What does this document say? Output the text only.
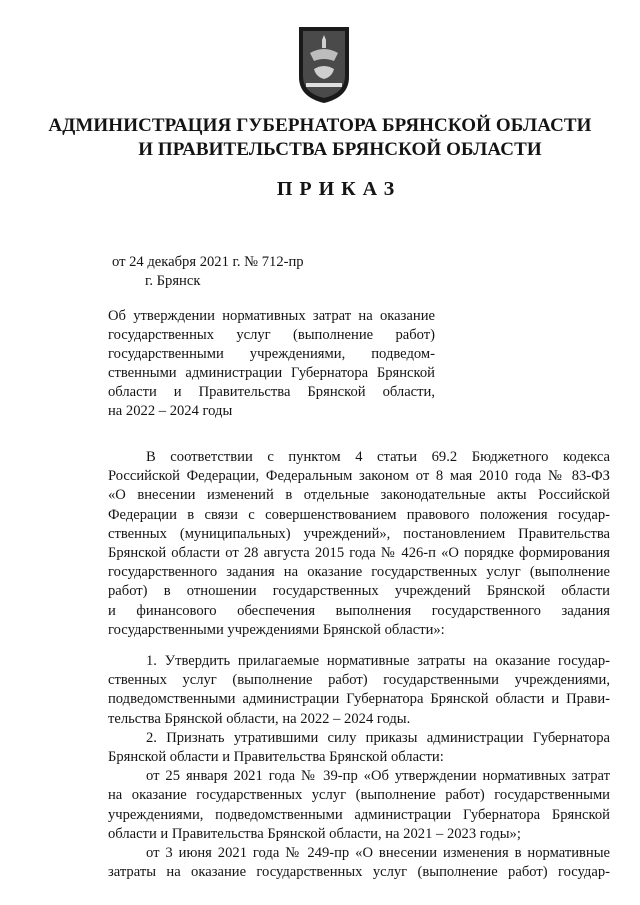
АДМИНИСТРАЦИЯ ГУБЕРНАТОРА БРЯНСКОЙ ОБЛАСТИ
И ПРАВИТЕЛЬСТВА БРЯНСКОЙ ОБЛАСТИ
ПРИКАЗ
от 24 декабря 2021 г. № 712-пр
г. Брянск
Об утверждении нормативных затрат на оказание
государственных услуг (выполнение работ)
государственными учреждениями, подведом-
ственными администрации Губернатора Брянской
области и Правительства Брянской области,
на 2022 – 2024 годы
В соответствии с пунктом 4 статьи 69.2 Бюджетного кодекса
Российской Федерации, Федеральным законом от 8 мая 2010 года № 83-ФЗ
«О внесении изменений в отдельные законодательные акты Российской
Федерации в связи с совершенствованием правового положения государ-
ственных (муниципальных) учреждений», постановлением Правительства
Брянской области от 28 августа 2015 года № 426-п «О порядке формирования
государственного задания на оказание государственных услуг (выполнение
работ) в отношении государственных учреждений Брянской области
и финансового обеспечения выполнения государственного задания
государственными учреждениями Брянской области»:
1. Утвердить прилагаемые нормативные затраты на оказание государ-
ственных услуг (выполнение работ) государственными учреждениями,
подведомственными администрации Губернатора Брянской области и Прави-
тельства Брянской области, на 2022 – 2024 годы.
2. Признать утратившими силу приказы администрации Губернатора
Брянской области и Правительства Брянской области:
от 25 января 2021 года № 39-пр «Об утверждении нормативных затрат
на оказание государственных услуг (выполнение работ) государственными
учреждениями, подведомственными администрации Губернатора Брянской
области и Правительства Брянской области, на 2021 – 2023 годы»;
от 3 июня 2021 года № 249-пр «О внесении изменения в нормативные
затраты на оказание государственных услуг (выполнение работ) государ-
